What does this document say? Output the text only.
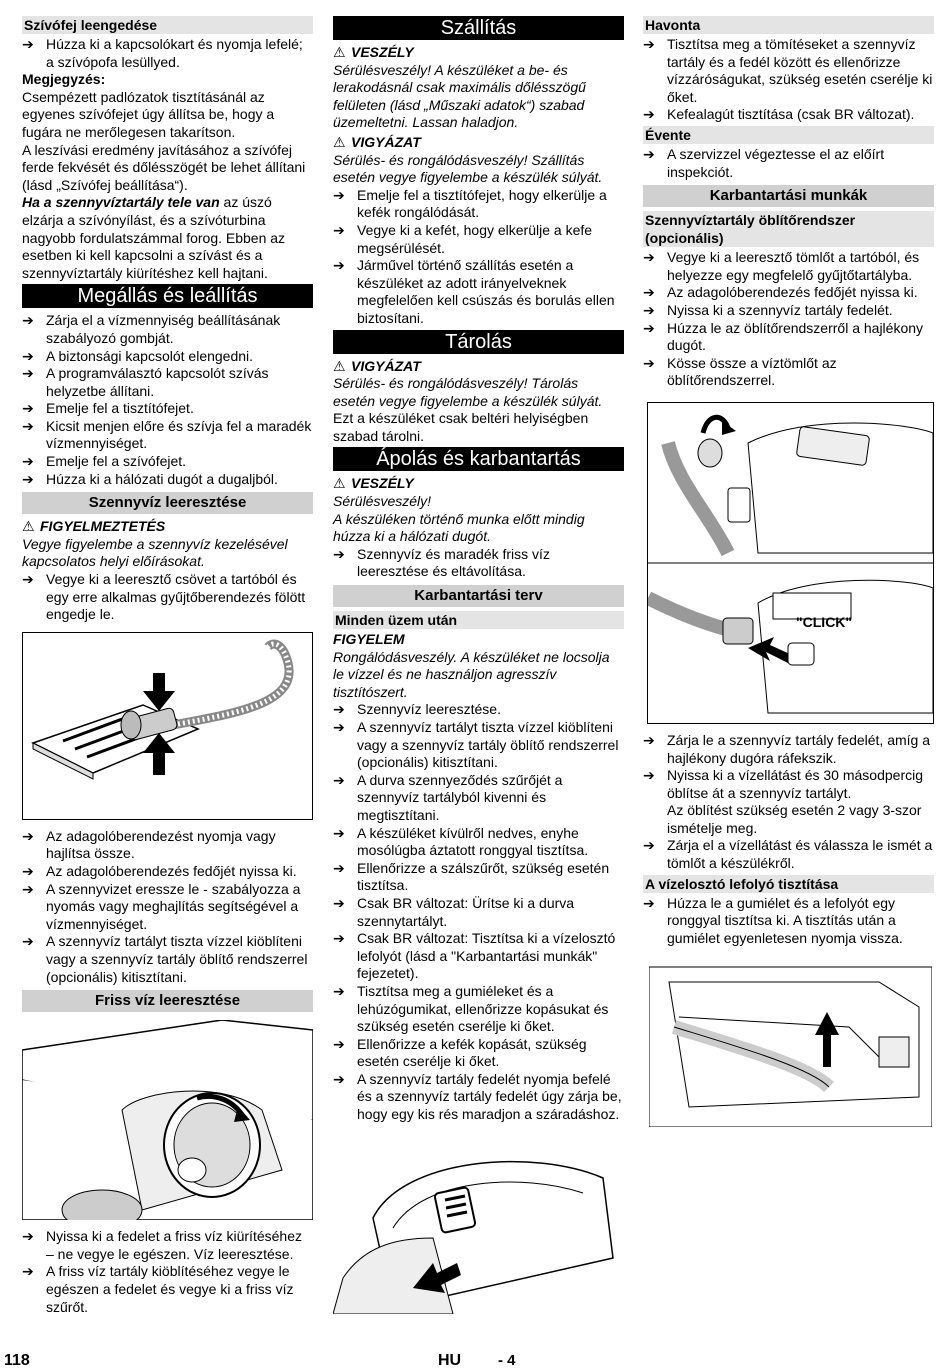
Szívófej leengedése

➔ Húzza ki a kapcsolókart és nyomja lefelé; a szívópofa lesüllyed.

Megjegyzés:

Csempézett padlózatok tisztításánál az egyenes szívófejet úgy állítsa be, hogy a fugára ne merőlegesen takarítson.

A leszívási eredmény javításához a szívófej ferde fekvését és dőlésszögét be lehet állítani (lásd „Szívófej beállítása“).

Ha a szennyvíztartály tele van az úszó elzárja a szívónyílást, és a szívóturbina nagyobb fordulatszámmal forog. Ebben az esetben ki kell kapcsolni a szívást és a szennyvíztartály kiürítéshez kell hajtani.

Megállás és leállítás

➔ Zárja el a vízmennyiség beállításának szabályozó gombját.

➔ A biztonsági kapcsolót elengedni.

➔ A programválasztó kapcsolót szívás helyzetbe állítani.

➔ Emelje fel a tisztítófejet.

➔ Kicsit menjen előre és szívja fel a maradék vízmennyiséget.

➔ Emelje fel a szívófejet.

➔ Húzza ki a hálózati dugót a dugaljból.

Szennyvíz leeresztése

⚠ FIGYELMEZTETÉS

Vegye figyelembe a szennyvíz kezelésével kapcsolatos helyi előírásokat.

➔ Vegye ki a leeresztő csövet a tartóból és egy erre alkalmas gyűjtőberendezés fölött engedje le.

➔ Az adagolóberendezést nyomja vagy hajlítsa össze.

➔ Az adagolóberendezés fedőjét nyissa ki.

➔ A szennyvizet eressze le - szabályozza a nyomás vagy meghajlítás segítségével a vízmennyiséget.

➔ A szennyvíz tartályt tiszta vízzel kiöblíteni vagy a szennyvíz tartály öblítő rendszerrel (opcionális) kitisztítani.

Friss víz leeresztése

➔ Nyissa ki a fedelet a friss víz kiürítéséhez – ne vegye le egészen. Víz leeresztése.

➔ A friss víz tartály kiöblítéséhez vegye le egészen a fedelet és vegye ki a friss víz szűrőt.

Szállítás

⚠ VESZÉLY

Sérülésveszély! A készüléket a be- és lerakodásnál csak maximális dőlésszögű felületen (lásd „Műszaki adatok“) szabad üzemeltetni. Lassan haladjon.

⚠ VIGYÁZAT

Sérülés- és rongálódásveszély! Szállítás esetén vegye figyelembe a készülék súlyát.

➔ Emelje fel a tisztítófejet, hogy elkerülje a kefék rongálódását.

➔ Vegye ki a kefét, hogy elkerülje a kefe megsérülését.

➔ Járművel történő szállítás esetén a készüléket az adott irányelveknek megfelelően kell csúszás és borulás ellen biztosítani.

Tárolás

⚠ VIGYÁZAT

Sérülés- és rongálódásveszély! Tárolás esetén vegye figyelembe a készülék súlyát.

Ezt a készüléket csak beltéri helyiségben szabad tárolni.

Ápolás és karbantartás

⚠ VESZÉLY

Sérülésveszély!

A készüléken történő munka előtt mindig húzza ki a hálózati dugót.

➔ Szennyvíz és maradék friss víz leeresztése és eltávolítása.

Karbantartási terv

Minden üzem után

FIGYELEM

Rongálódásveszély. A készüléket ne locsolja le vízzel és ne használjon agresszív tisztítószert.

➔ Szennyvíz leeresztése.

➔ A szennyvíz tartályt tiszta vízzel kiöblíteni vagy a szennyvíz tartály öblítő rendszerrel (opcionális) kitisztítani.

➔ A durva szennyeződés szűrőjét a szennyvíz tartályból kivenni és megtisztítani.

➔ A készüléket kívülről nedves, enyhe mosólúgba áztatott ronggyal tisztítsa.

➔ Ellenőrizze a szálszűrőt, szükség esetén tisztítsa.

➔ Csak BR változat: Ürítse ki a durva szennytartályt.

➔ Csak BR változat: Tisztítsa ki a vízelosztó lefolyót (lásd a "Karbantartási munkák" fejezetet).

➔ Tisztítsa meg a gumiéleket és a lehúzógumikat, ellenőrizze kopásukat és szükség esetén cserélje ki őket.

➔ Ellenőrizze a kefék kopását, szükség esetén cserélje ki őket.

➔ A szennyvíz tartály fedelét nyomja befelé és a szennyvíz tartály fedelét úgy zárja be, hogy egy kis rés maradjon a száradáshoz.

Havonta

➔ Tisztítsa meg a tömítéseket a szennyvíz tartály és a fedél között és ellenőrizze vízzáróságukat, szükség esetén cserélje ki őket.

➔ Kefealagút tisztítása (csak BR változat).

Évente

➔ A szervizzel végeztesse el az előírt inspekciót.

Karbantartási munkák

Szennyvíztartály öblítőrendszer (opcionális)

➔ Vegye ki a leeresztő tömlőt a tartóból, és helyezze egy megfelelő gyűjtőtartályba.

➔ Az adagolóberendezés fedőjét nyissa ki.

➔ Nyissa ki a szennyvíz tartály fedelét.

➔ Húzza le az öblítőrendszerről a hajlékony dugót.

➔ Kösse össze a víztömlőt az öblítőrendszerrel.

"CLICK"

➔ Zárja le a szennyvíz tartály fedelét, amíg a hajlékony dugóra ráfekszik.

➔ Nyissa ki a vízellátást és 30 másodpercig öblítse át a szennyvíz tartályt.

Az öblítést szükség esetén 2 vagy 3-szor ismételje meg.

➔ Zárja el a vízellátást és válassza le ismét a tömlőt a készülékről.

A vízelosztó lefolyó tisztítása

➔ Húzza le a gumiélet és a lefolyót egy ronggyal tisztítsa ki. A tisztítás után a gumiélet egyenletesen nyomja vissza.

118	HU - 4
